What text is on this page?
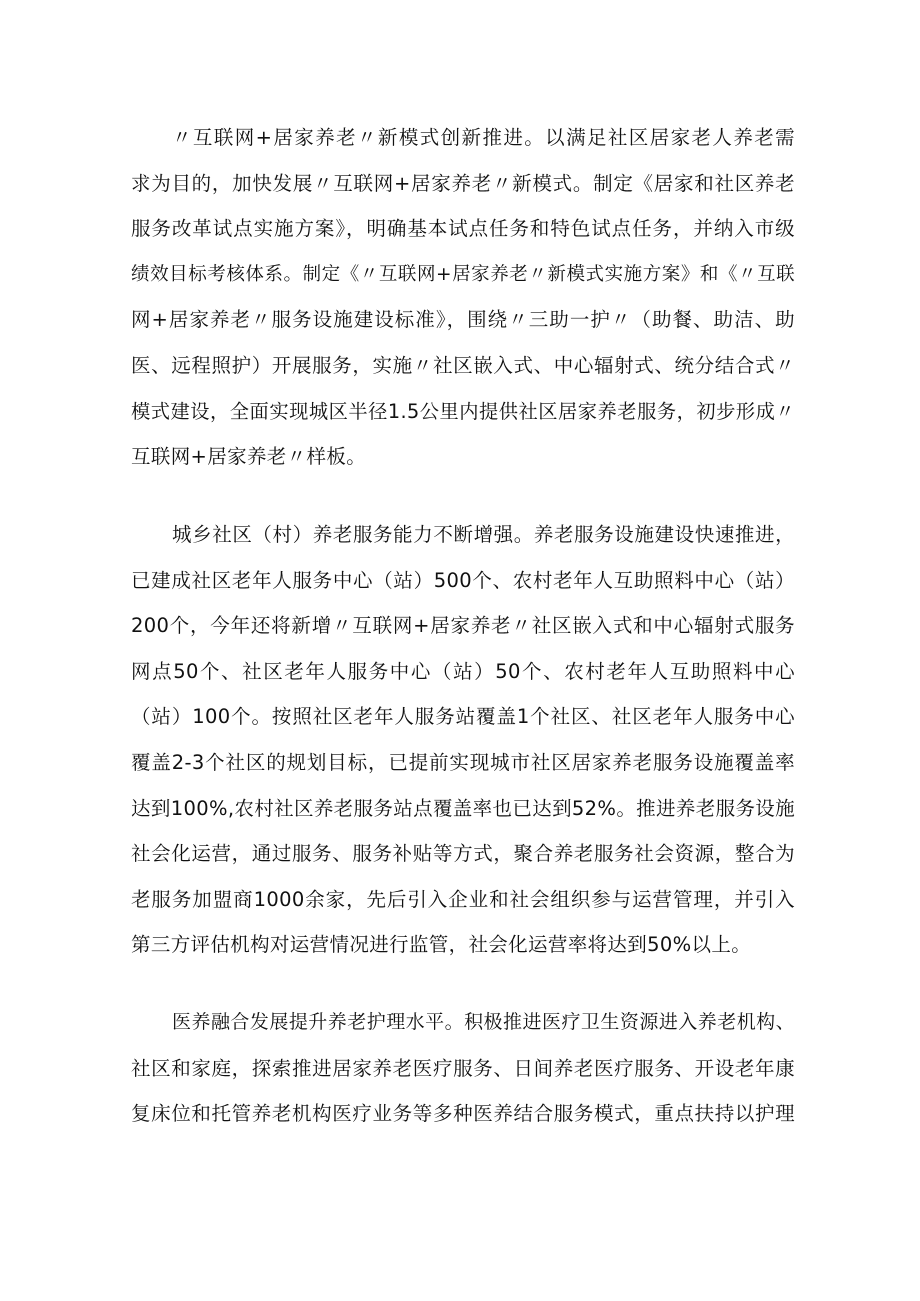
〃互联网+居家养老〃新模式创新推进。以满足社区居家老人养老需
求为目的，加快发展〃互联网+居家养老〃新模式。制定《居家和社区养老
服务改革试点实施方案》，明确基本试点任务和特色试点任务，并纳入市级
绩效目标考核体系。制定《〃互联网+居家养老〃新模式实施方案》和《〃互联
网+居家养老〃服务设施建设标准》，围绕〃三助一护〃（助餐、助洁、助
医、远程照护）开展服务，实施〃社区嵌入式、中心辐射式、统分结合式〃
模式建设，全面实现城区半径1.5公里内提供社区居家养老服务，初步形成〃
互联网+居家养老〃样板。
城乡社区（村）养老服务能力不断增强。养老服务设施建设快速推进，
已建成社区老年人服务中心（站）500个、农村老年人互助照料中心（站）
200个，今年还将新增〃互联网+居家养老〃社区嵌入式和中心辐射式服务
网点50个、社区老年人服务中心（站）50个、农村老年人互助照料中心
（站）100个。按照社区老年人服务站覆盖1个社区、社区老年人服务中心
覆盖2-3个社区的规划目标，已提前实现城市社区居家养老服务设施覆盖率
达到100%,农村社区养老服务站点覆盖率也已达到52%。推进养老服务设施
社会化运营，通过服务、服务补贴等方式，聚合养老服务社会资源，整合为
老服务加盟商1000余家，先后引入企业和社会组织参与运营管理，并引入
第三方评估机构对运营情况进行监管，社会化运营率将达到50%以上。
医养融合发展提升养老护理水平。积极推进医疗卫生资源进入养老机构、
社区和家庭，探索推进居家养老医疗服务、日间养老医疗服务、开设老年康
复床位和托管养老机构医疗业务等多种医养结合服务模式，重点扶持以护理
